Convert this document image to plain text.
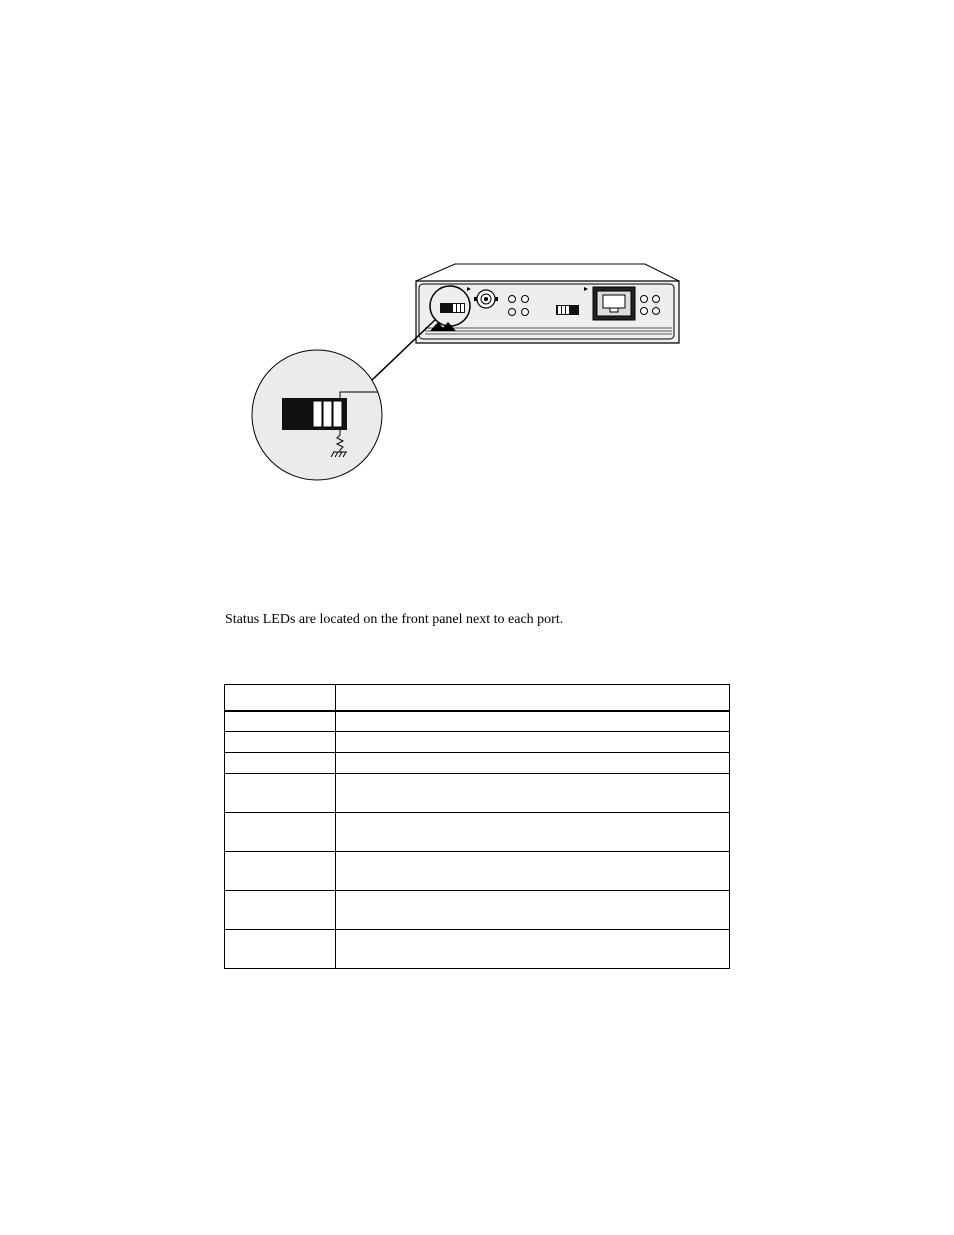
Status LEDs are located on the front panel next to each port.
